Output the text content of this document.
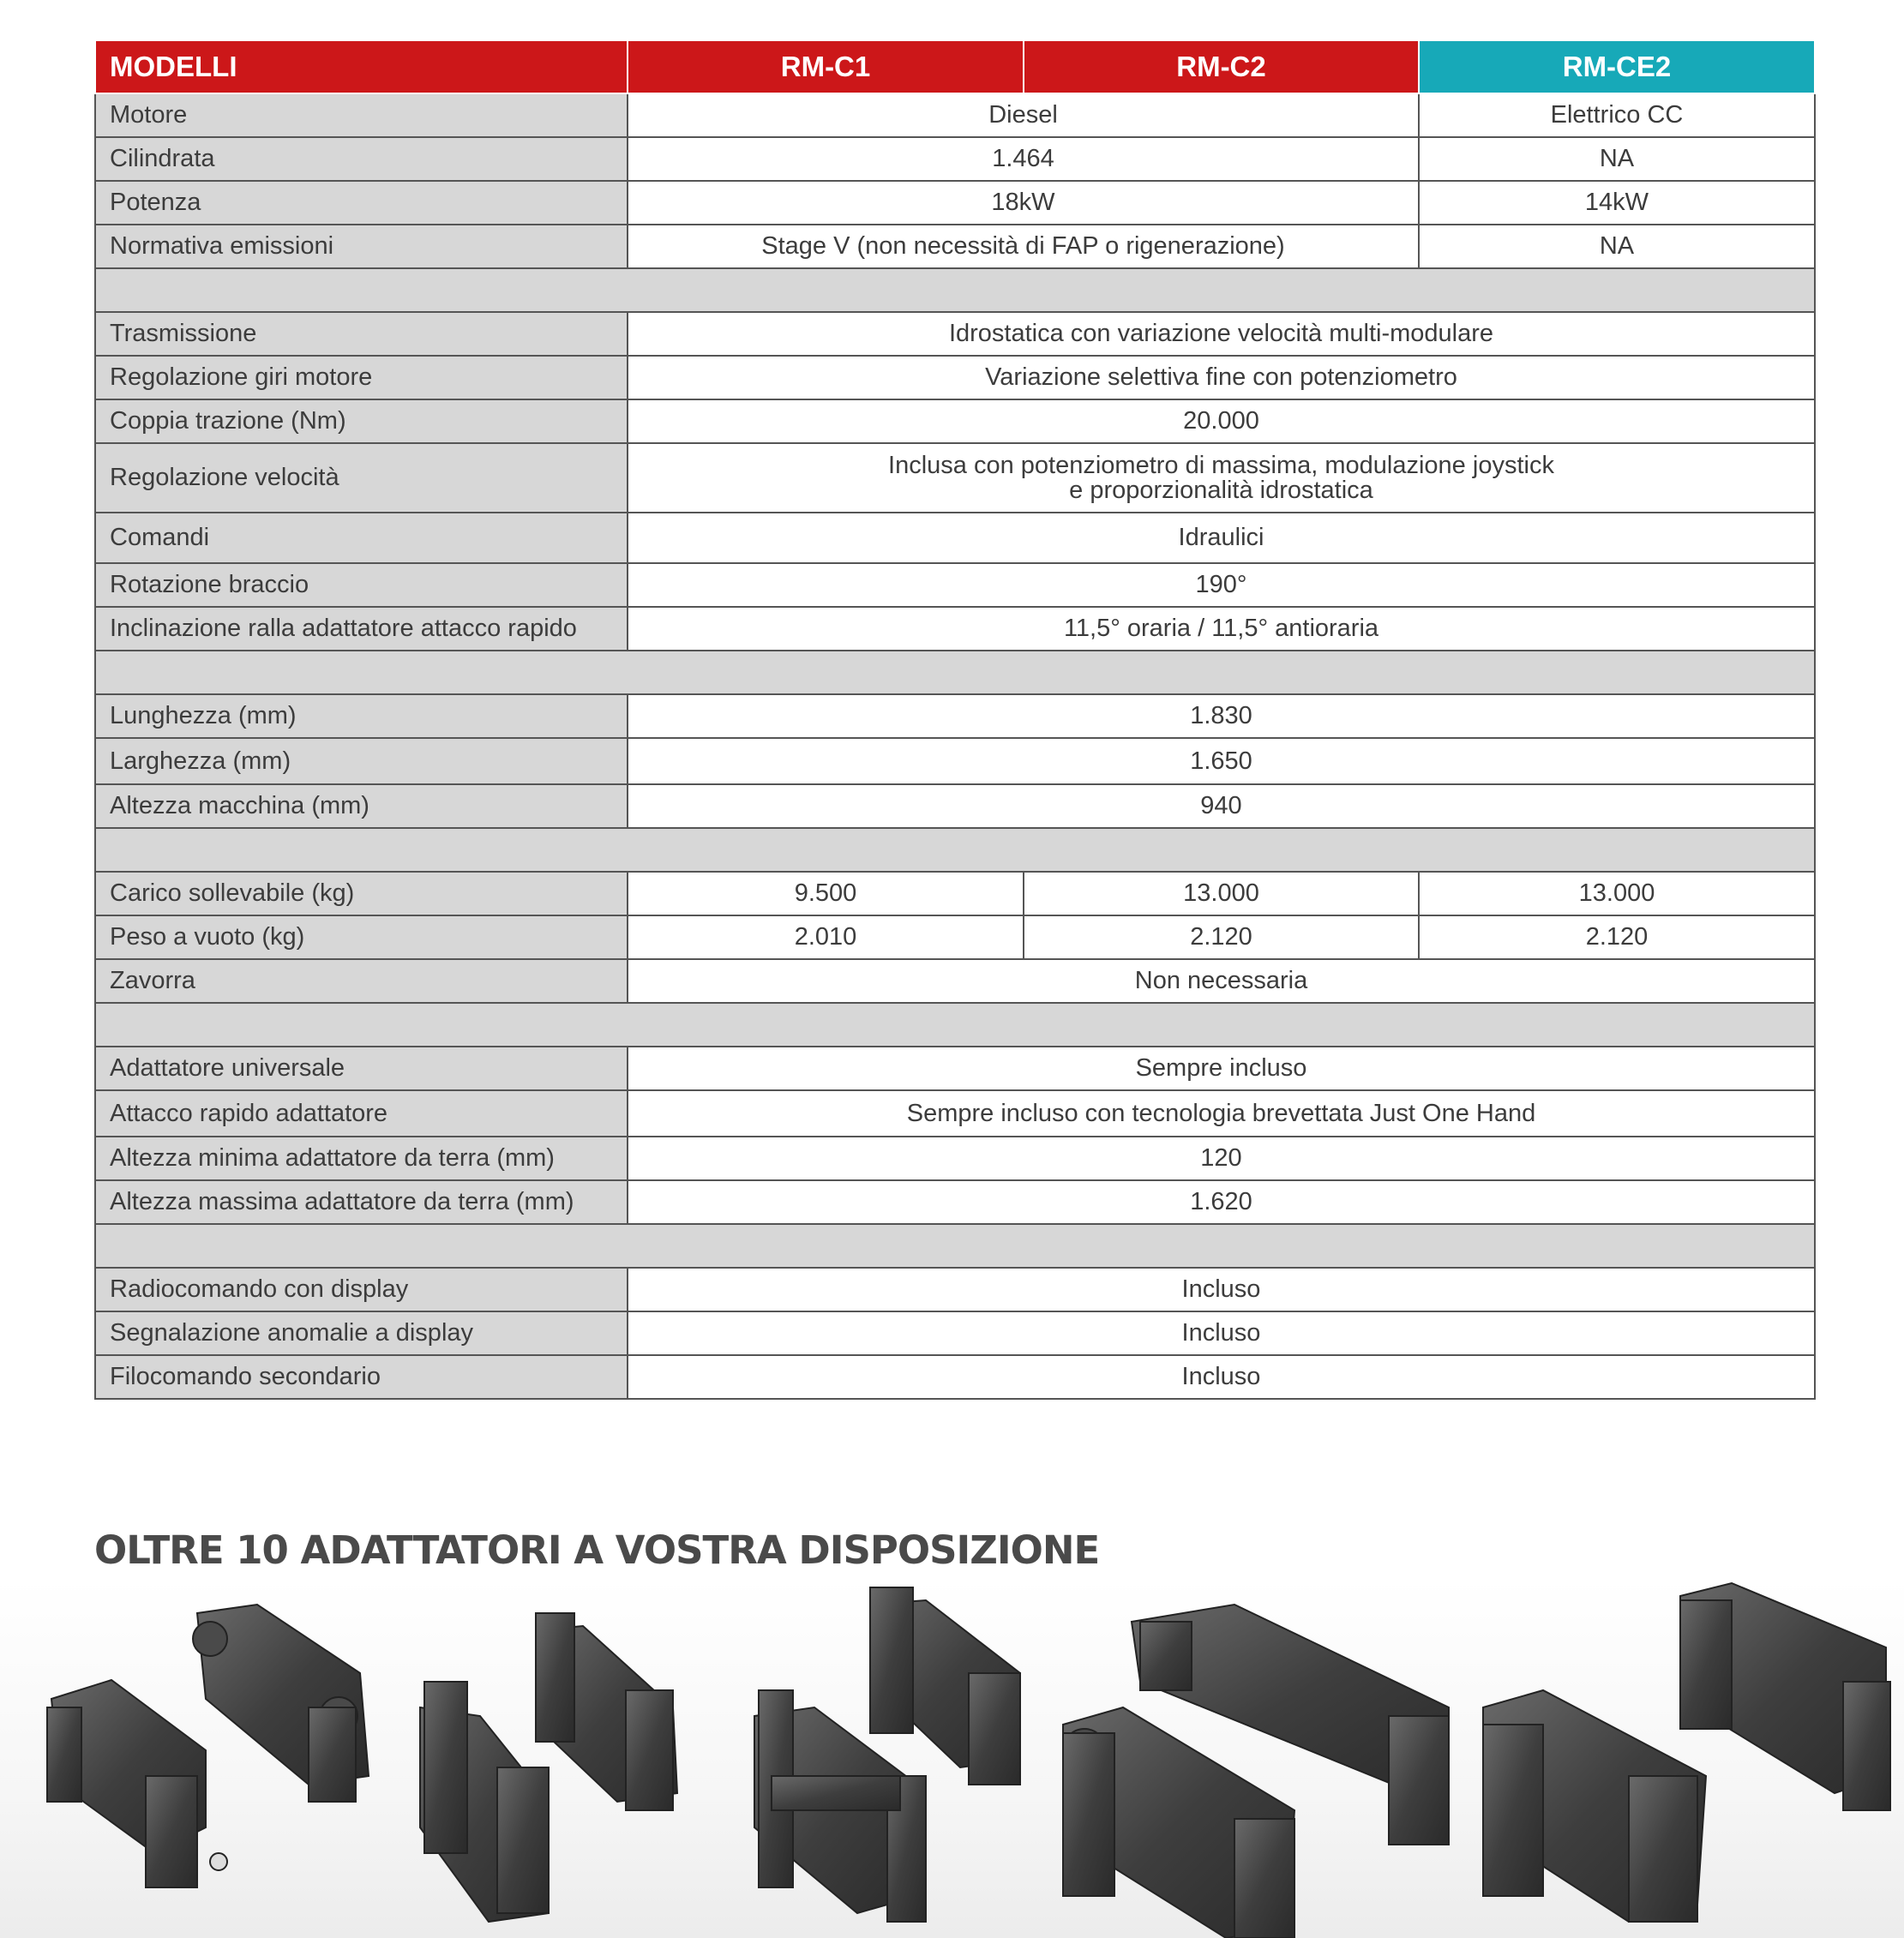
MODELLI	RM-C1	RM-C2	RM-CE2
Motore	Diesel		Elettrico CC
Cilindrata	1.464		NA
Potenza	18kW		14kW
Normativa emissioni	Stage V (non necessità di FAP o rigenerazione)		NA

Trasmissione	Idrostatica con variazione velocità multi-modulare		
Regolazione giri motore	Variazione selettiva fine con potenziometro		
Coppia trazione (Nm)	20.000		
Regolazione velocità	Inclusa con potenziometro di massima, modulazione joystick
e proporzionalità idrostatica		

Comandi	Idraulici		
Rotazione braccio	190°		
Inclinazione ralla adattatore attacco rapido	11,5° oraria / 11,5° antioraria		

Lunghezza (mm)	1.830		
Larghezza (mm)	1.650		
Altezza macchina (mm)	940		

Carico sollevabile (kg)	9.500	13.000	13.000
Peso a vuoto (kg)	2.010	2.120	2.120
Zavorra	Non necessaria		

Adattatore universale	Sempre incluso		
Attacco rapido adattatore	Sempre incluso con tecnologia brevettata Just One Hand		
Altezza minima adattatore da terra (mm)	120		
Altezza massima adattatore da terra (mm)	1.620		

Radiocomando con display	Incluso		
Segnalazione anomalie a display	Incluso		
Filocomando secondario	Incluso		
OLTRE 10 ADATTATORI A VOSTRA DISPOSIZIONE
